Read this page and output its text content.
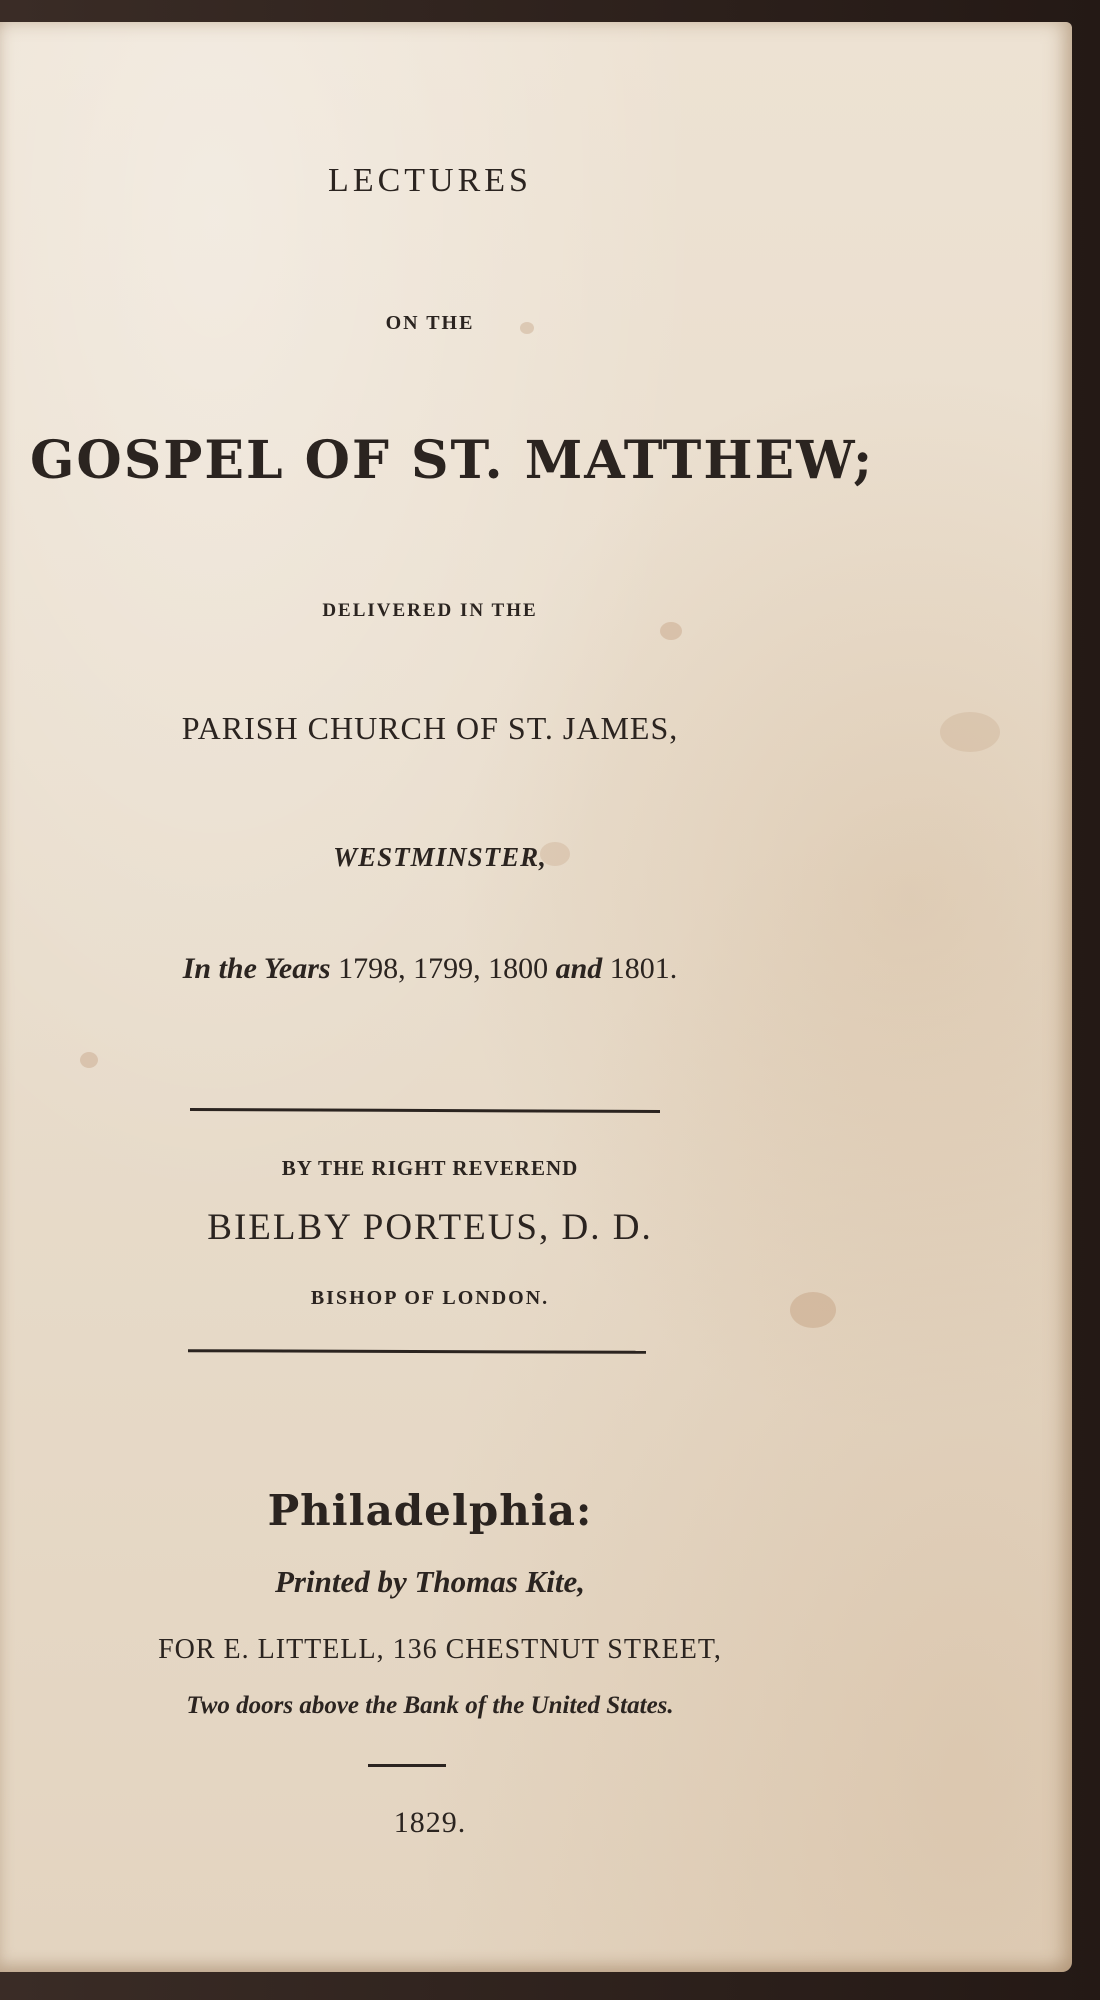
LECTURES
ON THE
GOSPEL OF ST. MATTHEW;
DELIVERED IN THE
PARISH CHURCH OF ST. JAMES,
WESTMINSTER,
In the Years 1798, 1799, 1800 and 1801.
BY THE RIGHT REVEREND
BIELBY PORTEUS, D. D.
BISHOP OF LONDON.
Philadelphia:
Printed by Thomas Kite,
FOR E. LITTELL, 136 CHESTNUT STREET,
Two doors above the Bank of the United States.
1829.
